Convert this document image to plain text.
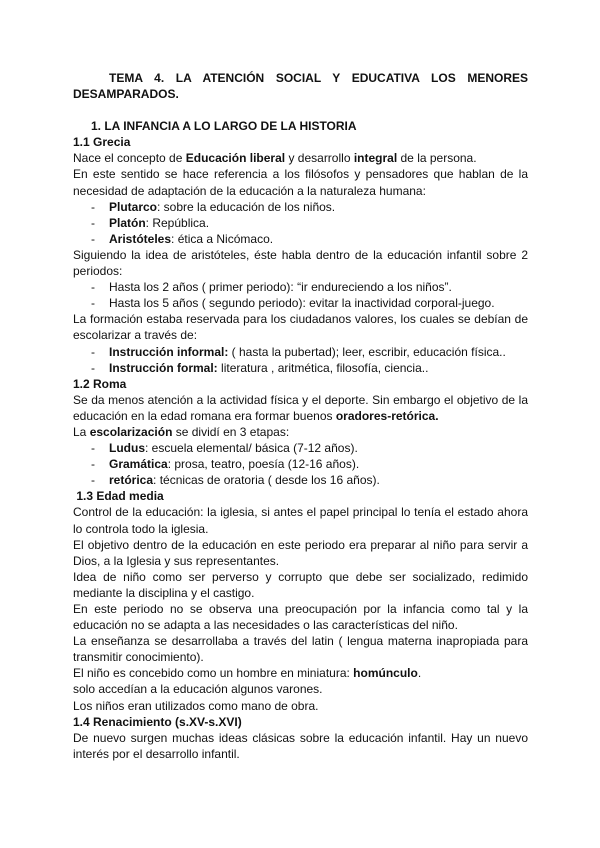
TEMA 4. LA ATENCIÓN SOCIAL Y EDUCATIVA LOS MENORES DESAMPARADOS.

1. LA INFANCIA A LO LARGO DE LA HISTORIA

1.1 Grecia

Nace el concepto de Educación liberal y desarrollo integral de la persona.

En este sentido se hace referencia a los filósofos y pensadores que hablan de la necesidad de adaptación de la educación a la naturaleza humana:

- Plutarco: sobre la educación de los niños.
- Platón: República.
- Aristóteles: ética a Nicómaco.

Siguiendo la idea de aristóteles, éste habla dentro de la educación infantil sobre 2 periodos:

- Hasta los 2 años ( primer periodo): “ir endureciendo a los niños”.
- Hasta los 5 años ( segundo periodo): evitar la inactividad corporal-juego.

La formación estaba reservada para los ciudadanos valores, los cuales se debían de escolarizar a través de:

- Instrucción informal: ( hasta la pubertad); leer, escribir, educación física..
- Instrucción formal: literatura , aritmética, filosofía, ciencia..

1.2 Roma

Se da menos atención a la actividad física y el deporte. Sin embargo el objetivo de la educación en la edad romana era formar buenos oradores-retórica.

La escolarización se dividí en 3 etapas:

- Ludus: escuela elemental/ básica (7-12 años).
- Gramática: prosa, teatro, poesía (12-16 años).
- retórica: técnicas de oratoria ( desde los 16 años).

1.3 Edad media

Control de la educación: la iglesia, si antes el papel principal lo tenía el estado ahora lo controla todo la iglesia.

El objetivo dentro de la educación en este periodo era preparar al niño para servir a Dios, a la Iglesia y sus representantes.

Idea de niño como ser perverso y corrupto que debe ser socializado, redimido mediante la disciplina y el castigo.

En este periodo no se observa una preocupación por la infancia como tal y la educación no se adapta a las necesidades o las características del niño.

La enseñanza se desarrollaba a través del latin ( lengua materna inapropiada para transmitir conocimiento).

El niño es concebido como un hombre en miniatura: homúnculo.

solo accedían a la educación algunos varones.

Los niños eran utilizados como mano de obra.

1.4 Renacimiento (s.XV-s.XVI)

De nuevo surgen muchas ideas clásicas sobre la educación infantil. Hay un nuevo interés por el desarrollo infantil.
